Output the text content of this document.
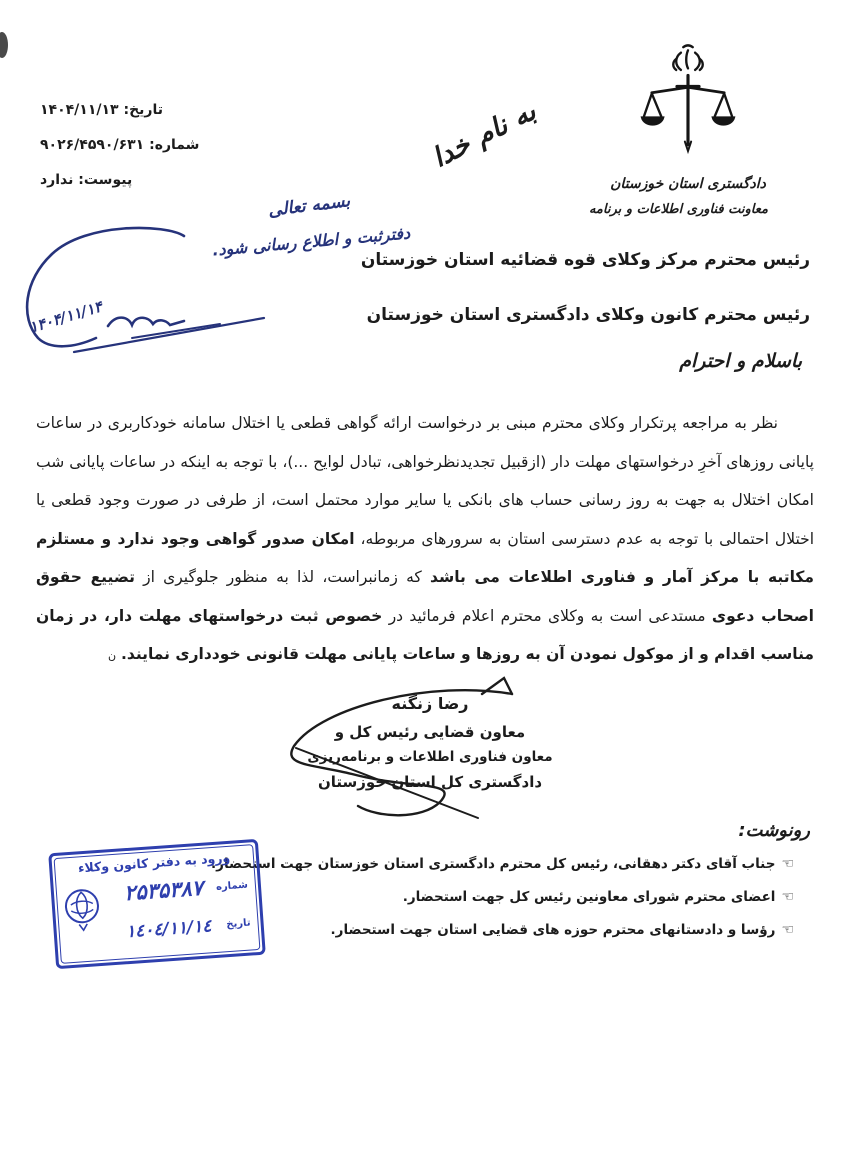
تاریخ: ۱۴۰۴/۱۱/۱۳
شماره: ۹۰۲۶/۴۵۹۰/۶۳۱
پیوست: ندارد	دادگستری استان خوزستان
معاونت فناوری اطلاعات و برنامه
به نام خدا
بسمه تعالی
دفترثبت و اطلاع رسانی شود.
۱۴۰۴/۱۱/۱۴
رئیس محترم مرکز وکلای قوه قضائیه استان خوزستان
رئیس محترم کانون وکلای دادگستری استان خوزستان
باسلام و احترام

نظر به مراجعه پرتکرار وکلای محترم مبنی بر درخواست ارائه گواهی قطعی یا اختلال سامانه خودکاربری در ساعات پایانی روزهای آخرِ درخواستهای مهلت دار (ازقبیل تجدیدنظرخواهی، تبادل لوایح ...)، با توجه به اینکه در ساعات پایانی شب امکان اختلال به جهت به روز رسانی حساب های بانکی یا سایر موارد محتمل است، از طرفی در صورت وجود قطعی یا اختلال احتمالی با توجه به عدم دسترسی استان به سرورهای مربوطه، امکان صدور گواهی وجود ندارد و مستلزم مکاتبه با مرکز آمار و فناوری اطلاعات می باشد که زمانبراست، لذا به منظور جلوگیری از تضییع حقوق اصحاب دعوی مستدعی است به وکلای محترم اعلام فرمائید در خصوص ثبت درخواستهای مهلت دار، در زمان مناسب اقدام و از موکول نمودن آن به روزها و ساعات پایانی مهلت قانونی خودداری نمایند. ن

رضا زنگنه
معاون قضایی رئیس کل و
معاون فناوری اطلاعات و برنامه‌ریزی
دادگستری کل استان خوزستان
رونوشت:
☜جناب آقای دکتر دهقانی، رئیس کل محترم دادگستری استان خوزستان جهت استحضار.
☜اعضای محترم شورای معاونین رئیس کل جهت استحضار.
☜رؤسا و دادستانهای محترم حوزه های قضایی استان جهت استحضار.
ورود به دفتر کانون وکلاء
شماره ۲۵۳۵۳۸۷
تاریخ ١٤٠٤/١١/١٤
